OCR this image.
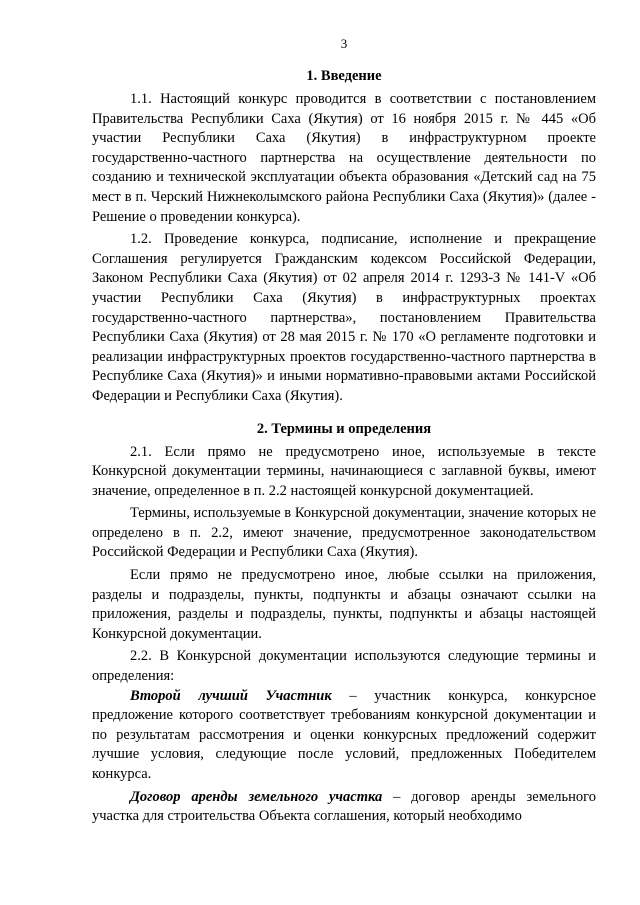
3
1. Введение

1.1. Настоящий конкурс проводится в соответствии с постановлением Правительства Республики Саха (Якутия) от 16 ноября 2015 г. № 445 «Об участии Республики Саха (Якутия) в инфраструктурном проекте государственно-частного партнерства на осуществление деятельности по созданию и технической эксплуатации объекта образования «Детский сад на 75 мест в п. Черский Нижнеколымского района Республики Саха (Якутия)» (далее - Решение о проведении конкурса).

1.2. Проведение конкурса, подписание, исполнение и прекращение Соглашения регулируется Гражданским кодексом Российской Федерации, Законом Республики Саха (Якутия) от 02 апреля 2014 г. 1293-З № 141-V «Об участии Республики Саха (Якутия) в инфраструктурных проектах государственно-частного партнерства», постановлением Правительства Республики Саха (Якутия) от 28 мая 2015 г. № 170 «О регламенте подготовки и реализации инфраструктурных проектов государственно-частного партнерства в Республике Саха (Якутия)» и иными нормативно-правовыми актами Российской Федерации и Республики Саха (Якутия).

2. Термины и определения

2.1. Если прямо не предусмотрено иное, используемые в тексте Конкурсной документации термины, начинающиеся с заглавной буквы, имеют значение, определенное в п. 2.2 настоящей конкурсной документацией.

Термины, используемые в Конкурсной документации, значение которых не определено в п. 2.2, имеют значение, предусмотренное законодательством Российской Федерации и Республики Саха (Якутия).

Если прямо не предусмотрено иное, любые ссылки на приложения, разделы и подразделы, пункты, подпункты и абзацы означают ссылки на приложения, разделы и подразделы, пункты, подпункты и абзацы настоящей Конкурсной документации.

2.2. В Конкурсной документации используются следующие термины и определения:

Второй лучший Участник – участник конкурса, конкурсное предложение которого соответствует требованиям конкурсной документации и по результатам рассмотрения и оценки конкурсных предложений содержит лучшие условия, следующие после условий, предложенных Победителем конкурса.

Договор аренды земельного участка – договор аренды земельного участка для строительства Объекта соглашения, который необходимо
